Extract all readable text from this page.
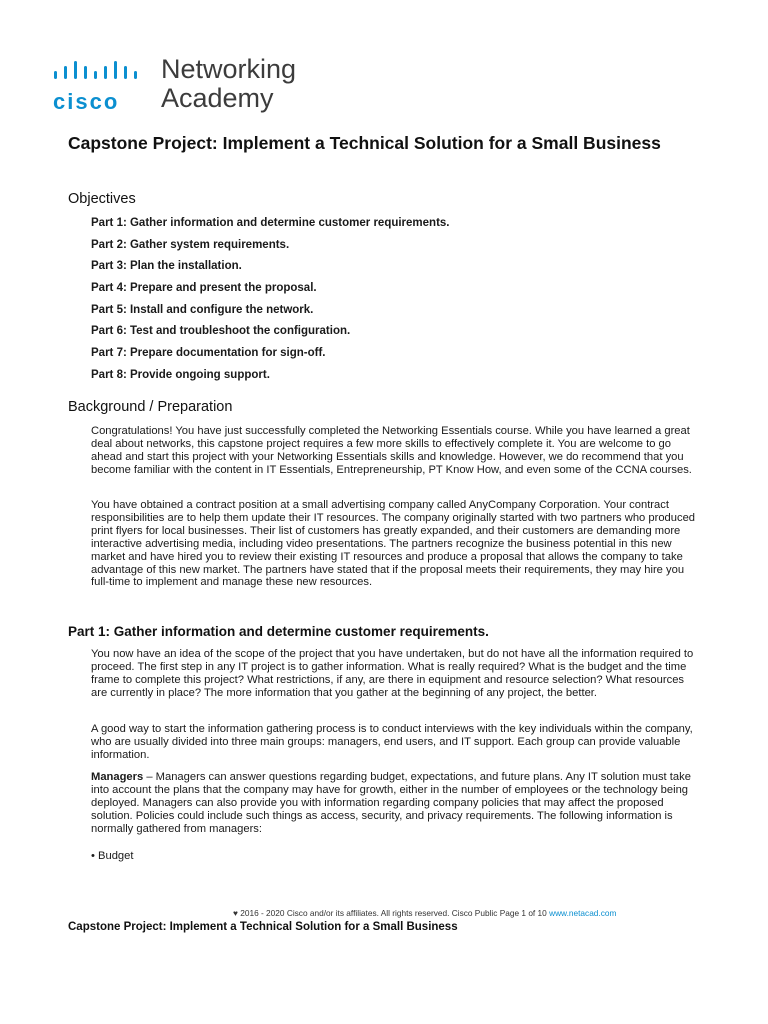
cisco
Networking
Academy
Capstone Project: Implement a Technical Solution for a Small Business
Objectives
Part 1: Gather information and determine customer requirements.
Part 2: Gather system requirements.
Part 3: Plan the installation.
Part 4: Prepare and present the proposal.
Part 5: Install and configure the network.
Part 6: Test and troubleshoot the configuration.
Part 7: Prepare documentation for sign-off.
Part 8: Provide ongoing support.
Background / Preparation

Congratulations! You have just successfully completed the Networking Essentials course. While you have learned a great deal about networks, this capstone project requires a few more skills to effectively complete it. You are welcome to go ahead and start this project with your Networking Essentials skills and knowledge. However, we do recommend that you become familiar with the content in IT Essentials, Entrepreneurship, PT Know How, and even some of the CCNA courses.

You have obtained a contract position at a small advertising company called AnyCompany Corporation. Your contract responsibilities are to help them update their IT resources. The company originally started with two partners who produced print flyers for local businesses. Their list of customers has greatly expanded, and their customers are demanding more interactive advertising media, including video presentations. The partners recognize the business potential in this new market and have hired you to review their existing IT resources and produce a proposal that allows the company to take advantage of this new market. The partners have stated that if the proposal meets their requirements, they may hire you full-time to implement and manage these new resources.

Part 1: Gather information and determine customer requirements.

You now have an idea of the scope of the project that you have undertaken, but do not have all the information required to proceed. The first step in any IT project is to gather information. What is really required? What is the budget and the time frame to complete this project? What restrictions, if any, are there in equipment and resource selection? What resources are currently in place? The more information that you gather at the beginning of any project, the better.

A good way to start the information gathering process is to conduct interviews with the key individuals within the company, who are usually divided into three main groups: managers, end users, and IT support. Each group can provide valuable information.

Managers – Managers can answer questions regarding budget, expectations, and future plans. Any IT solution must take into account the plans that the company may have for growth, either in the number of employees or the technology being deployed. Managers can also provide you with information regarding company policies that may affect the proposed solution. Policies could include such things as access, security, and privacy requirements. The following information is normally gathered from managers:

• Budget
♥ 2016 - 2020 Cisco and/or its affiliates. All rights reserved. Cisco Public Page 1 of 10 www.netacad.com
Capstone Project: Implement a Technical Solution for a Small Business
